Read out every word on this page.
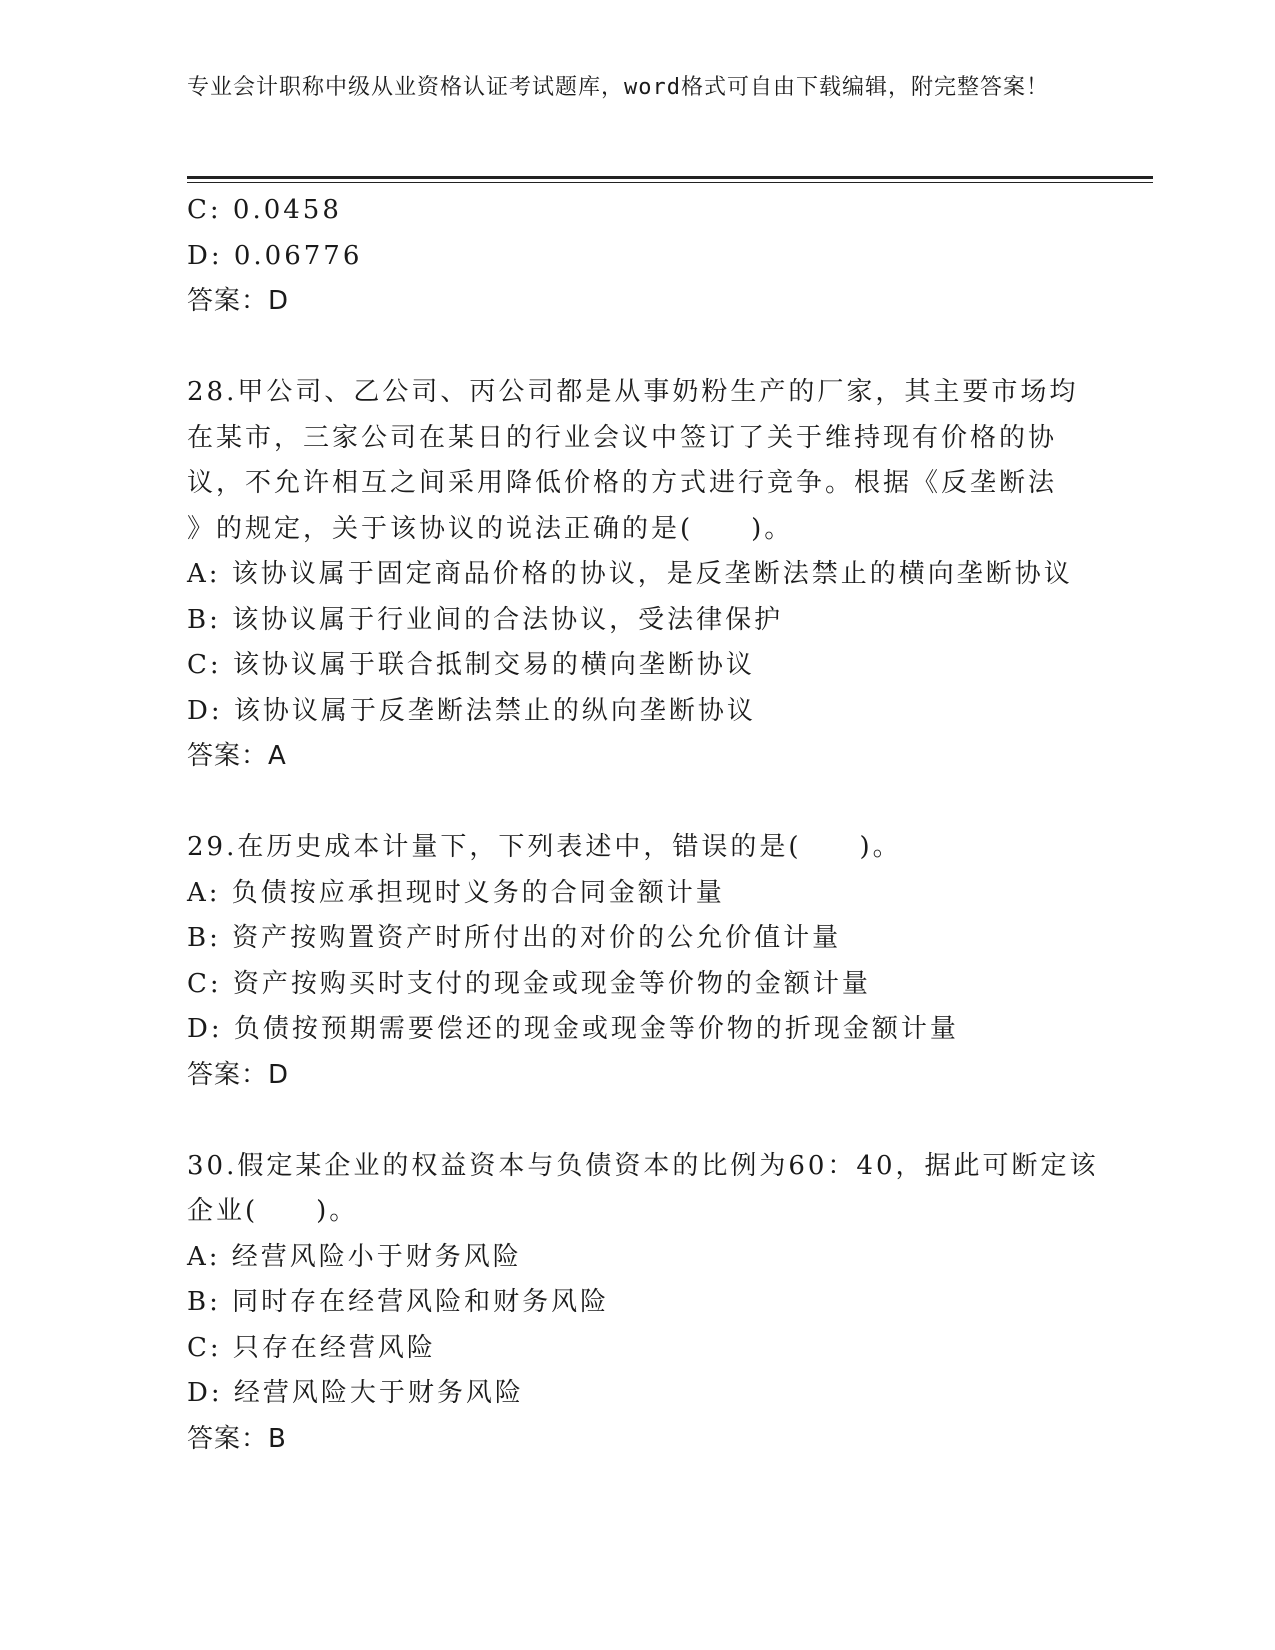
专业会计职称中级从业资格认证考试题库，word格式可自由下载编辑，附完整答案！
C: 0.0458
D: 0.06776
答案：D
28.甲公司、乙公司、丙公司都是从事奶粉生产的厂家，其主要市场均
在某市，三家公司在某日的行业会议中签订了关于维持现有价格的协
议，不允许相互之间采用降低价格的方式进行竞争。根据《反垄断法
》的规定，关于该协议的说法正确的是(　　)。
A: 该协议属于固定商品价格的协议，是反垄断法禁止的横向垄断协议
B: 该协议属于行业间的合法协议，受法律保护
C: 该协议属于联合抵制交易的横向垄断协议
D: 该协议属于反垄断法禁止的纵向垄断协议
答案：A
29.在历史成本计量下，下列表述中，错误的是(　　)。
A: 负债按应承担现时义务的合同金额计量
B: 资产按购置资产时所付出的对价的公允价值计量
C: 资产按购买时支付的现金或现金等价物的金额计量
D: 负债按预期需要偿还的现金或现金等价物的折现金额计量
答案：D
30.假定某企业的权益资本与负债资本的比例为60：40，据此可断定该
企业(　　)。
A: 经营风险小于财务风险
B: 同时存在经营风险和财务风险
C: 只存在经营风险
D: 经营风险大于财务风险
答案：B
